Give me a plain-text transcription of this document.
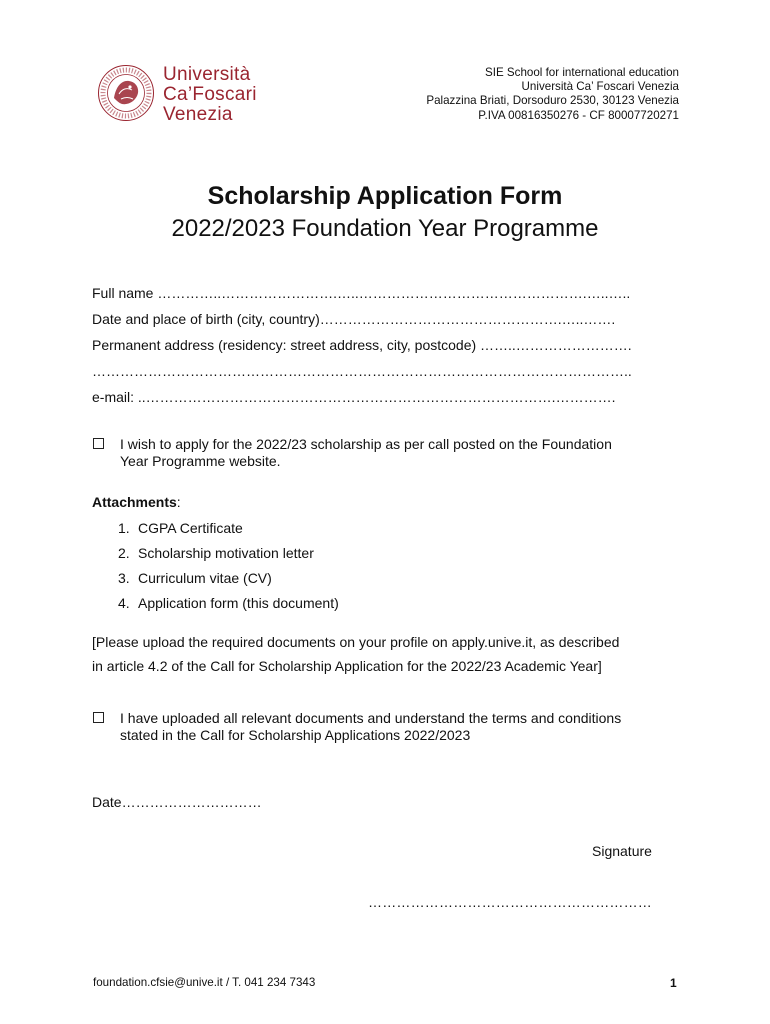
Università
Ca’Foscari
Venezia
SIE School for international education
Università Ca’ Foscari Venezia
Palazzina Briati, Dorsoduro 2530, 30123 Venezia
P.IVA 00816350276 - CF 80007720271
Scholarship Application Form
2022/2023 Foundation Year Programme
Full name …………..…………………….…..………………………………………….…..…..
Date and place of birth (city, country)…………………………………………….…..…….
Permanent address (residency: street address, city, postcode) ……..…………………….
……………………………………………………………………………………………………..
e-mail: ..…………………………………………………………………………….………….
I wish to apply for the 2022/23 scholarship as per call posted on the Foundation
Year Programme website.
Attachments:
1. CGPA Certificate
2. Scholarship motivation letter
3. Curriculum vitae (CV)
4. Application form (this document)
[Please upload the required documents on your profile on apply.unive.it, as described
in article 4.2 of the Call for Scholarship Application for the 2022/23 Academic Year]
I have uploaded all relevant documents and understand the terms and conditions
stated in the Call for Scholarship Applications 2022/2023
Date…………………………
Signature
……………………………………………………
foundation.cfsie@unive.it / T. 041 234 7343	1
